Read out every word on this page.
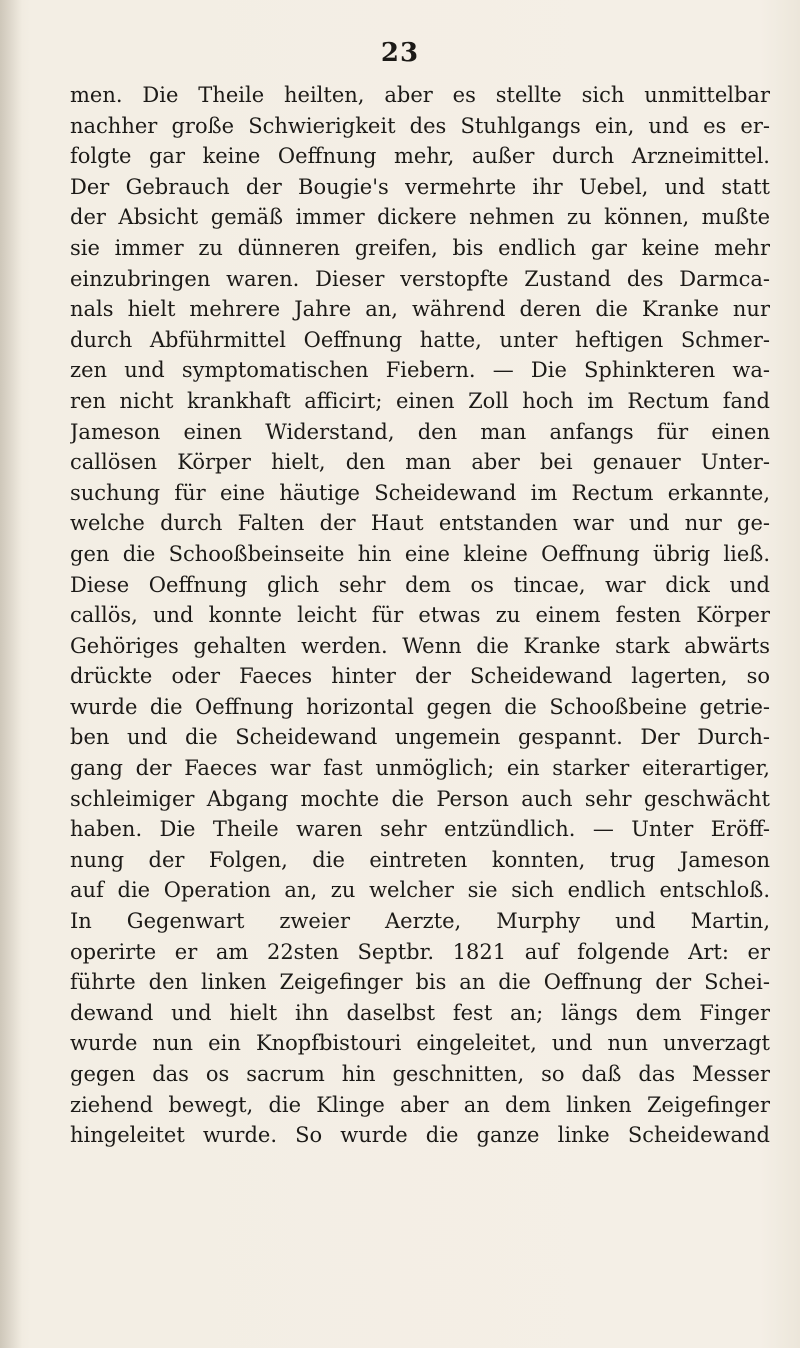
23
men. Die Theile heilten, aber es stellte sich unmittelbar
nachher große Schwierigkeit des Stuhlgangs ein, und es er-
folgte gar keine Oeffnung mehr, außer durch Arzneimittel.
Der Gebrauch der Bougie's vermehrte ihr Uebel, und statt
der Absicht gemäß immer dickere nehmen zu können, mußte
sie immer zu dünneren greifen, bis endlich gar keine mehr
einzubringen waren. Dieser verstopfte Zustand des Darmca-
nals hielt mehrere Jahre an, während deren die Kranke nur
durch Abführmittel Oeffnung hatte, unter heftigen Schmer-
zen und symptomatischen Fiebern. — Die Sphinkteren wa-
ren nicht krankhaft afficirt; einen Zoll hoch im Rectum fand
Jameson einen Widerstand, den man anfangs für einen
callösen Körper hielt, den man aber bei genauer Unter-
suchung für eine häutige Scheidewand im Rectum erkannte,
welche durch Falten der Haut entstanden war und nur ge-
gen die Schooßbeinseite hin eine kleine Oeffnung übrig ließ.
Diese Oeffnung glich sehr dem os tincae, war dick und
callös, und konnte leicht für etwas zu einem festen Körper
Gehöriges gehalten werden. Wenn die Kranke stark abwärts
drückte oder Faeces hinter der Scheidewand lagerten, so
wurde die Oeffnung horizontal gegen die Schooßbeine getrie-
ben und die Scheidewand ungemein gespannt. Der Durch-
gang der Faeces war fast unmöglich; ein starker eiterartiger,
schleimiger Abgang mochte die Person auch sehr geschwächt
haben. Die Theile waren sehr entzündlich. — Unter Eröff-
nung der Folgen, die eintreten konnten, trug Jameson
auf die Operation an, zu welcher sie sich endlich entschloß.
In Gegenwart zweier Aerzte, Murphy und Martin,
operirte er am 22sten Septbr. 1821 auf folgende Art: er
führte den linken Zeigefinger bis an die Oeffnung der Schei-
dewand und hielt ihn daselbst fest an; längs dem Finger
wurde nun ein Knopfbistouri eingeleitet, und nun unverzagt
gegen das os sacrum hin geschnitten, so daß das Messer
ziehend bewegt, die Klinge aber an dem linken Zeigefinger
hingeleitet wurde. So wurde die ganze linke Scheidewand
